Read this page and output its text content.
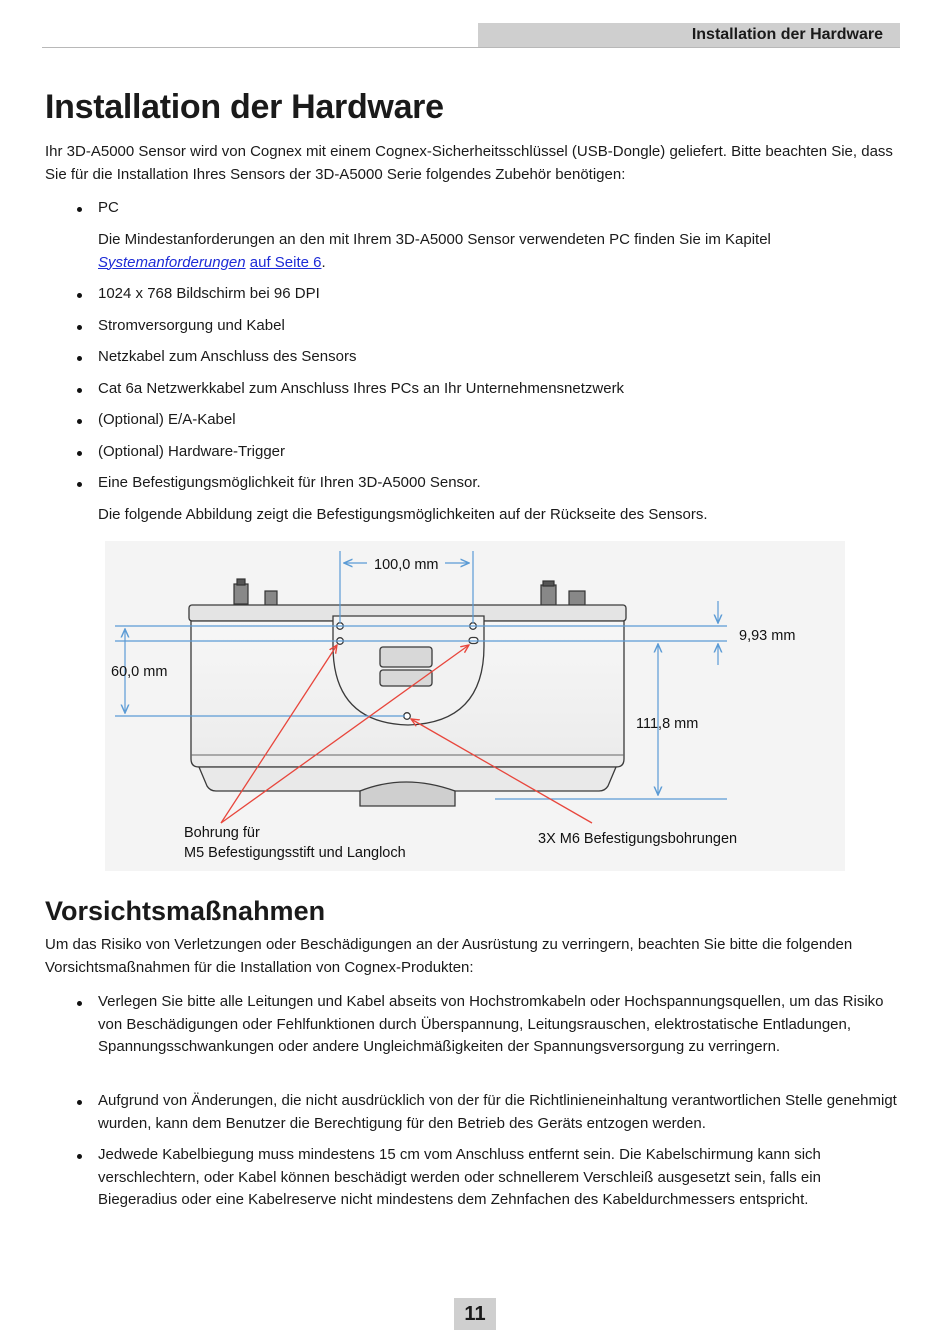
Installation der Hardware
Installation der Hardware

Ihr 3D-A5000 Sensor wird von Cognex mit einem Cognex-Sicherheitsschlüssel (USB-Dongle) geliefert. Bitte beachten Sie, dass Sie für die Installation Ihres Sensors der 3D-A5000 Serie folgendes Zubehör benötigen:

PC
Die Mindestanforderungen an den mit Ihrem 3D-A5000 Sensor verwendeten PC finden Sie im Kapitel Systemanforderungen auf Seite 6.
1024 x 768 Bildschirm bei 96 DPI
Stromversorgung und Kabel
Netzkabel zum Anschluss des Sensors
Cat 6a Netzwerkkabel zum Anschluss Ihres PCs an Ihr Unternehmensnetzwerk
(Optional) E/A-Kabel
(Optional) Hardware-Trigger
Eine Befestigungsmöglichkeit für Ihren 3D-A5000 Sensor.
Die folgende Abbildung zeigt die Befestigungsmöglichkeiten auf der Rückseite des Sensors.
100,0 mm
9,93 mm
60,0 mm
111,8 mm
Bohrung für
M5 Befestigungsstift und Langloch
3X M6 Befestigungsbohrungen
Vorsichtsmaßnahmen

Um das Risiko von Verletzungen oder Beschädigungen an der Ausrüstung zu verringern, beachten Sie bitte die folgenden Vorsichtsmaßnahmen für die Installation von Cognex-Produkten:

Verlegen Sie bitte alle Leitungen und Kabel abseits von Hochstromkabeln oder Hochspannungsquellen, um das Risiko von Beschädigungen oder Fehlfunktionen durch Überspannung, Leitungsrauschen, elektrostatische Entladungen, Spannungsschwankungen oder andere Ungleichmäßigkeiten der Spannungsversorgung zu verringern.
Aufgrund von Änderungen, die nicht ausdrücklich von der für die Richtlinieneinhaltung verantwortlichen Stelle genehmigt wurden, kann dem Benutzer die Berechtigung für den Betrieb des Geräts entzogen werden.
Jedwede Kabelbiegung muss mindestens 15 cm vom Anschluss entfernt sein. Die Kabelschirmung kann sich verschlechtern, oder Kabel können beschädigt werden oder schnellerem Verschleiß ausgesetzt sein, falls ein Biegeradius oder eine Kabelreserve nicht mindestens dem Zehnfachen des Kabeldurchmessers entspricht.
11
